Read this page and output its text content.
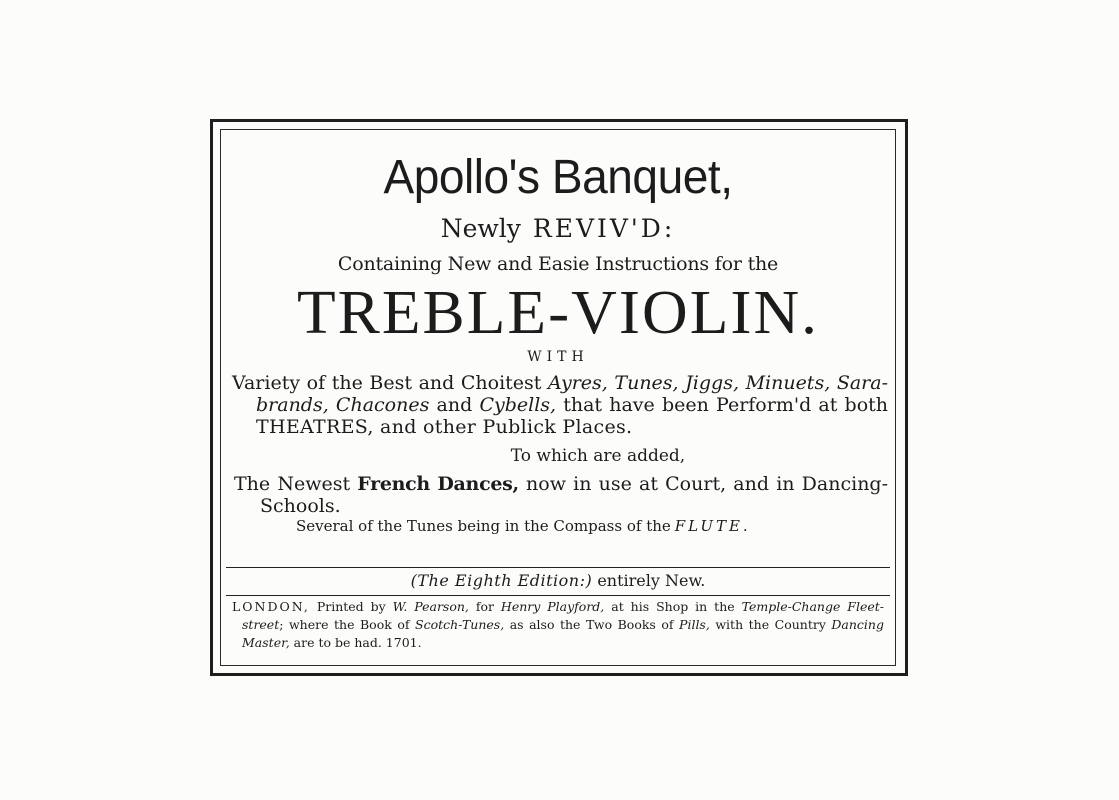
Apollo's Banquet,
Newly REVIV'D:
Containing New and Easie Instructions for the
TREBLE-VIOLIN.
WITH
Variety of the Best and Choitest Ayres, Tunes, Jiggs, Minuets, Sara-
brands, Chacones and Cybells, that have been Perform'd at both
THEATRES, and other Publick Places.
To which are added,
The Newest French Dances, now in use at Court, and in Dancing-
Schools.
Several of the Tunes being in the Compass of the FLUTE.
(The Eighth Edition:) entirely New.
LONDON, Printed by W. Pearson, for Henry Playford, at his Shop in the Temple-Change Fleet-
street; where the Book of Scotch-Tunes, as also the Two Books of Pills, with the Country Dancing
Master, are to be had. 1701.
